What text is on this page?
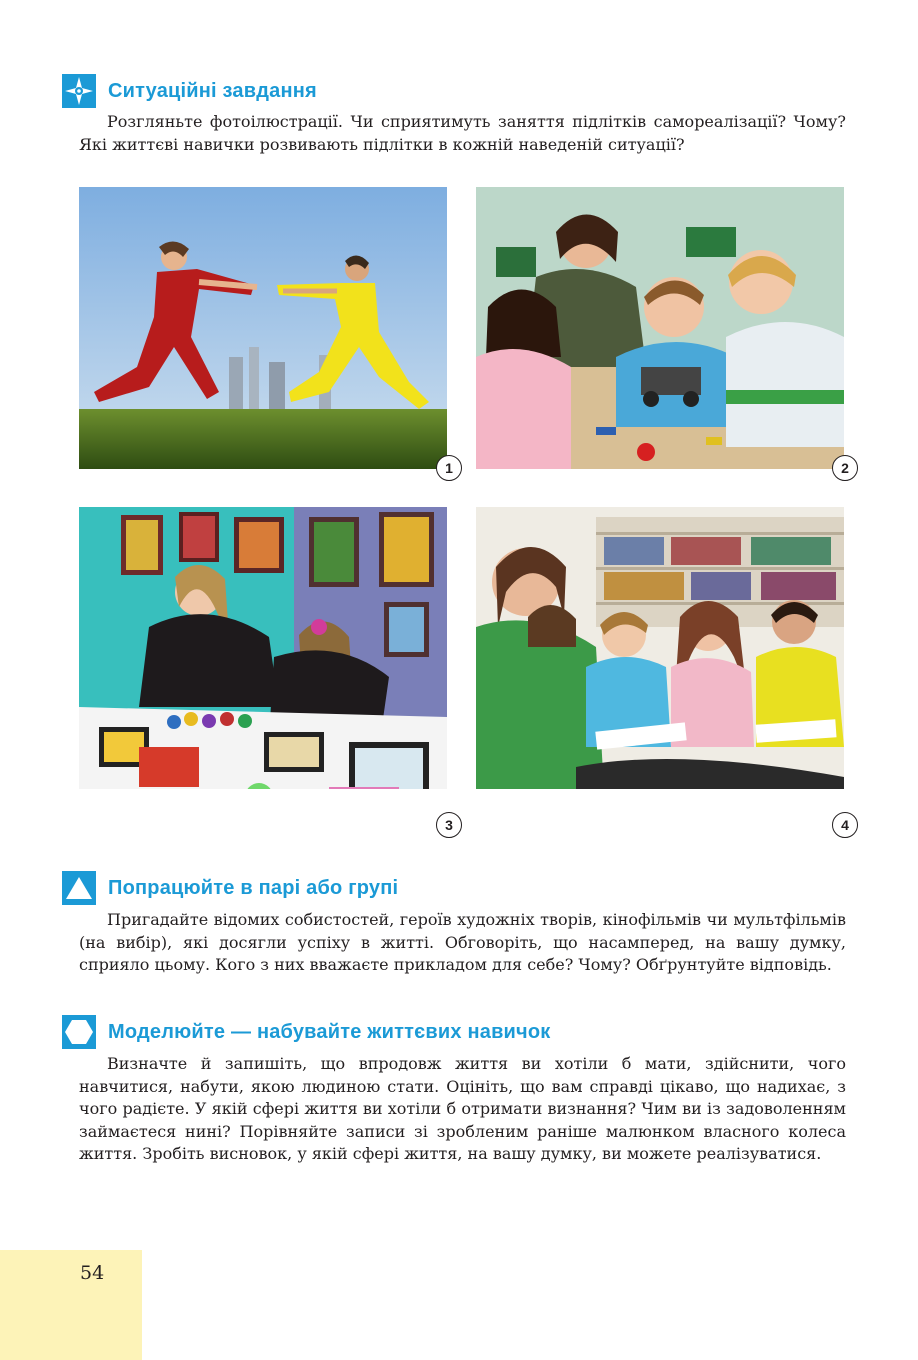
Ситуаційні завдання
Розгляньте фотоілюстрації. Чи сприятимуть заняття підлітків самореалізації? Чому? Які життєві навички розвивають підлітки в кожній наведеній ситуації?
1	2
3	4
Попрацюйте в парі або групі
Пригадайте відомих собистостей, героїв художніх творів, кінофільмів чи мультфільмів (на вибір), які досягли успіху в житті. Обговоріть, що насамперед, на вашу думку, сприяло цьому. Кого з них вважаєте прикладом для себе? Чому? Обґрунтуйте відповідь.
Моделюйте — набувайте життєвих навичок
Визначте й запишіть, що впродовж життя ви хотіли б мати, здійснити, чого навчитися, набути, якою людиною стати. Оцініть, що вам справді цікаво, що надихає, з чого радієте. У якій сфері життя ви хотіли б отримати визнання? Чим ви із задоволенням займаєтеся нині? Порівняйте записи зі зробленим раніше малюнком власного колеса життя. Зробіть висновок, у якій сфері життя, на вашу думку, ви можете реалізуватися.
54
